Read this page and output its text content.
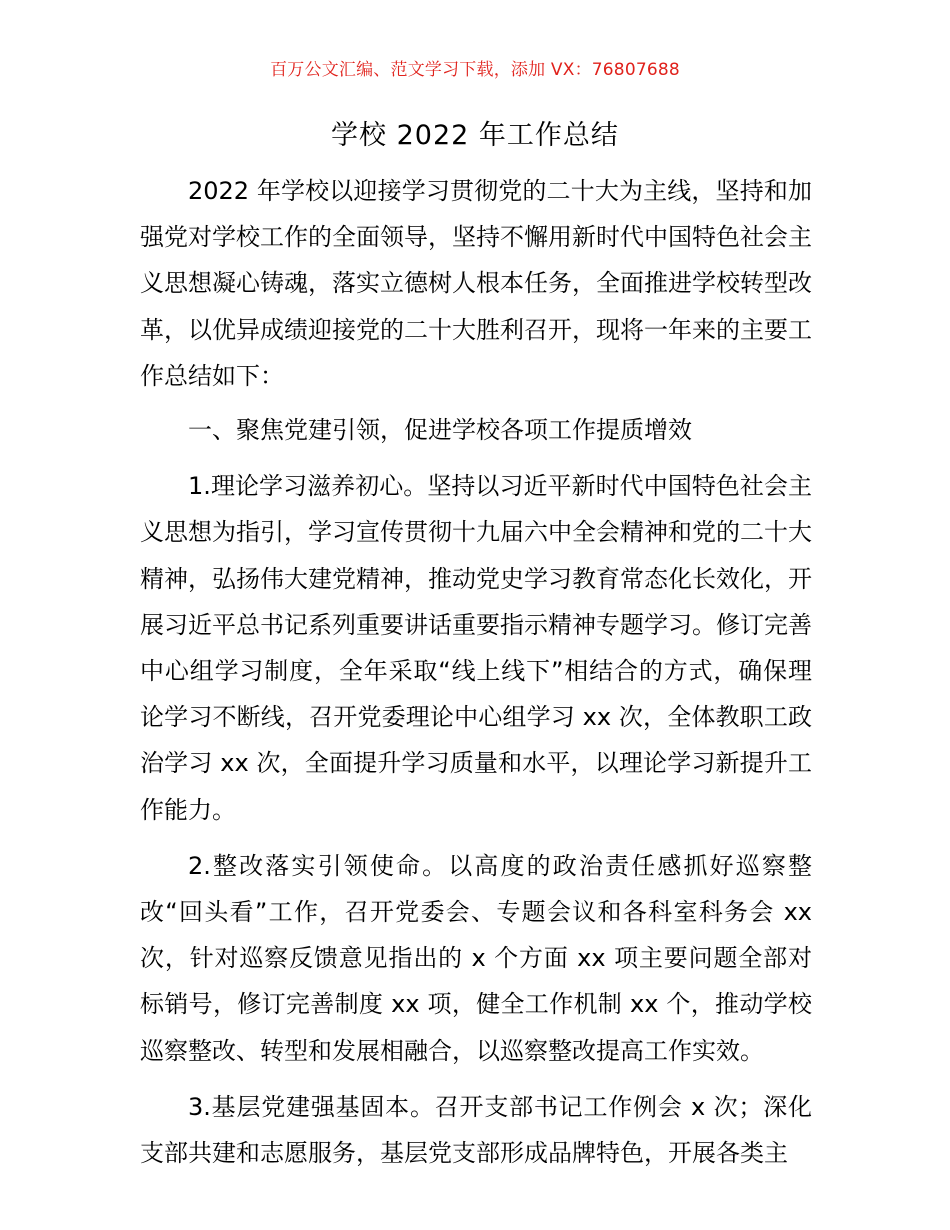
百万公文汇编、范文学习下载，添加 VX：76807688
学校 2022 年工作总结

2022 年学校以迎接学习贯彻党的二十大为主线，坚持和加强党对学校工作的全面领导，坚持不懈用新时代中国特色社会主义思想凝心铸魂，落实立德树人根本任务，全面推进学校转型改革，以优异成绩迎接党的二十大胜利召开，现将一年来的主要工作总结如下：

一、聚焦党建引领，促进学校各项工作提质增效

1.理论学习滋养初心。坚持以习近平新时代中国特色社会主义思想为指引，学习宣传贯彻十九届六中全会精神和党的二十大精神，弘扬伟大建党精神，推动党史学习教育常态化长效化，开展习近平总书记系列重要讲话重要指示精神专题学习。修订完善中心组学习制度，全年采取“线上线下”相结合的方式，确保理论学习不断线，召开党委理论中心组学习 xx 次，全体教职工政治学习 xx 次，全面提升学习质量和水平，以理论学习新提升工作能力。

2.整改落实引领使命。以高度的政治责任感抓好巡察整改“回头看”工作，召开党委会、专题会议和各科室科务会 xx 次，针对巡察反馈意见指出的 x 个方面 xx 项主要问题全部对标销号，修订完善制度 xx 项，健全工作机制 xx 个，推动学校巡察整改、转型和发展相融合，以巡察整改提高工作实效。

3.基层党建强基固本。召开支部书记工作例会 x 次；深化支部共建和志愿服务，基层党支部形成品牌特色，开展各类主
